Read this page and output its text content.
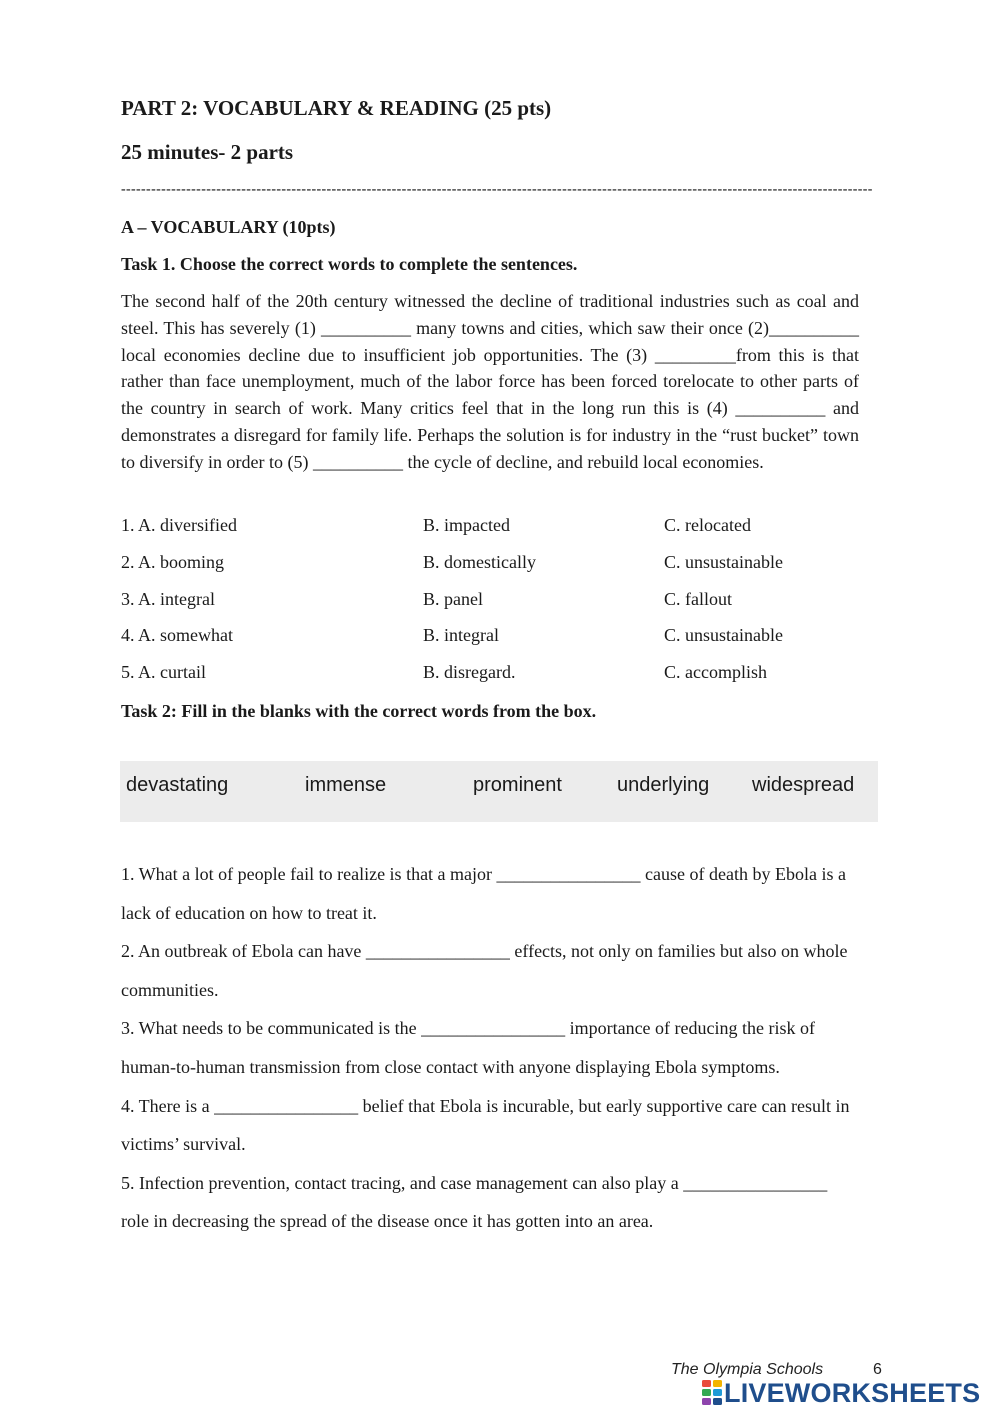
PART 2: VOCABULARY & READING (25 pts)
25 minutes- 2 parts
------------------------------------------------------------------------------------------------------------------------------------------------------
A – VOCABULARY (10pts)
Task 1. Choose the correct words to complete the sentences.

The second half of the 20th century witnessed the decline of traditional industries such as coal and steel. This has severely (1) __________ many towns and cities, which saw their once (2)__________ local economies decline due to insufficient job opportunities. The (3) _________from this is that rather than face unemployment, much of the labor force has been forced torelocate to other parts of the country in search of work. Many critics feel that in the long run this is (4) __________ and demonstrates a disregard for family life. Perhaps the solution is for industry in the “rust bucket” town to diversify in order to (5) __________ the cycle of decline, and rebuild local economies.

1. A. diversified	B. impacted	C. relocated
2. A. booming	B. domestically	C. unsustainable
3. A. integral	B. panel	C. fallout
4. A. somewhat	B. integral	C. unsustainable
5. A. curtail	B. disregard.	C. accomplish
Task 2: Fill in the blanks with the correct words from the box.
devastating	immense	prominent	underlying widespread

1. What a lot of people fail to realize is that a major ________________ cause of death by Ebola is a lack of education on how to treat it.

2. An outbreak of Ebola can have ________________ effects, not only on families but also on whole communities.

3. What needs to be communicated is the ________________ importance of reducing the risk of human-to-human transmission from close contact with anyone displaying Ebola symptoms.

4. There is a ________________ belief that Ebola is incurable, but early supportive care can result in victims’ survival.

5. Infection prevention, contact tracing, and case management can also play a ________________ role in decreasing the spread of the disease once it has gotten into an area.

The Olympia Schools	6
LIVEWORKSHEETS
